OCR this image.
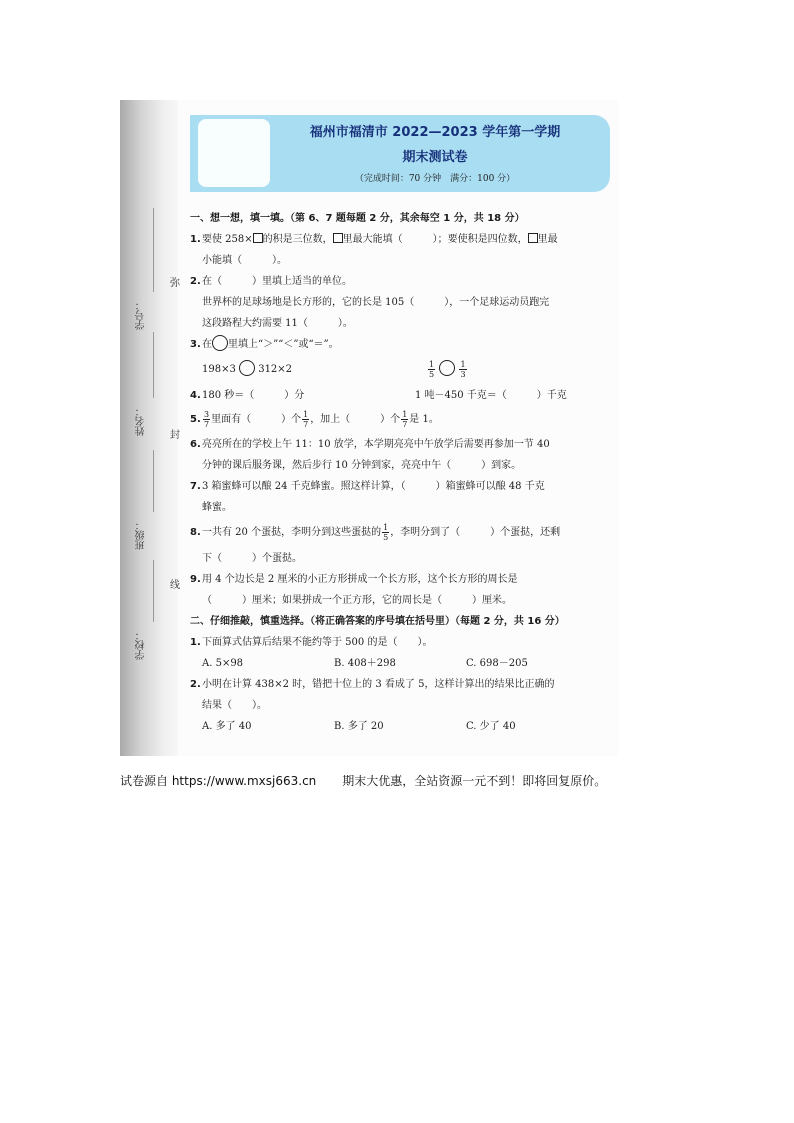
学号：
姓名：
班级：
学校：
弥
封
线
福州市福清市 2022—2023 学年第一学期
期末测试卷
（完成时间：70 分钟　满分：100 分）

一、想一想，填一填。（第 6、7 题每题 2 分，其余每空 1 分，共 18 分）

1.要使 258× 的积是三位数， 里最大能填（　　　）；要使积是四位数， 里最

小能填（　　　）。

2.在（　　　）里填上适当的单位。

世界杯的足球场地是长方形的，它的长是 105（　　　），一个足球运动员跑完

这段路程大约需要 11（　　　）。

3.在 里填上“＞”“＜”或“＝”。

198×3 312×2	$\frac{1}{5}$
	$\frac{1}{3}$

4.180 秒＝（　　　）分	1 吨－450 千克＝（　　　）千克

5. $\frac{3}{7}$ 里面有（　　　）个 $\frac{1}{7}$ ，加上（　　　）个 $\frac{1}{7}$ 是 1。

6.亮亮所在的学校上午 11：10 放学，本学期亮亮中午放学后需要再参加一节 40

分钟的课后服务课，然后步行 10 分钟到家，亮亮中午（　　　）到家。

7.3 箱蜜蜂可以酿 24 千克蜂蜜。照这样计算，（　　　）箱蜜蜂可以酿 48 千克

蜂蜜。

8.一共有 20 个蛋挞，李明分到这些蛋挞的 $\frac{1}{5}$ ，李明分到了（　　　）个蛋挞，还剩

下（　　　）个蛋挞。

9.用 4 个边长是 2 厘米的小正方形拼成一个长方形，这个长方形的周长是

（　　　）厘米；如果拼成一个正方形，它的周长是（　　　）厘米。

二、仔细推敲，慎重选择。（将正确答案的序号填在括号里）（每题 2 分，共 16 分）

1.下面算式估算后结果不能约等于 500 的是（　　）。

A. 5×98	B. 408＋298	C. 698－205

2.小明在计算 438×2 时，错把十位上的 3 看成了 5，这样计算出的结果比正确的

结果（　　）。

A. 多了 40	B. 多了 20	C. 少了 40

试卷源自 https://www.mxsj663.cn 期末大优惠，全站资源一元不到！即将回复原价。
